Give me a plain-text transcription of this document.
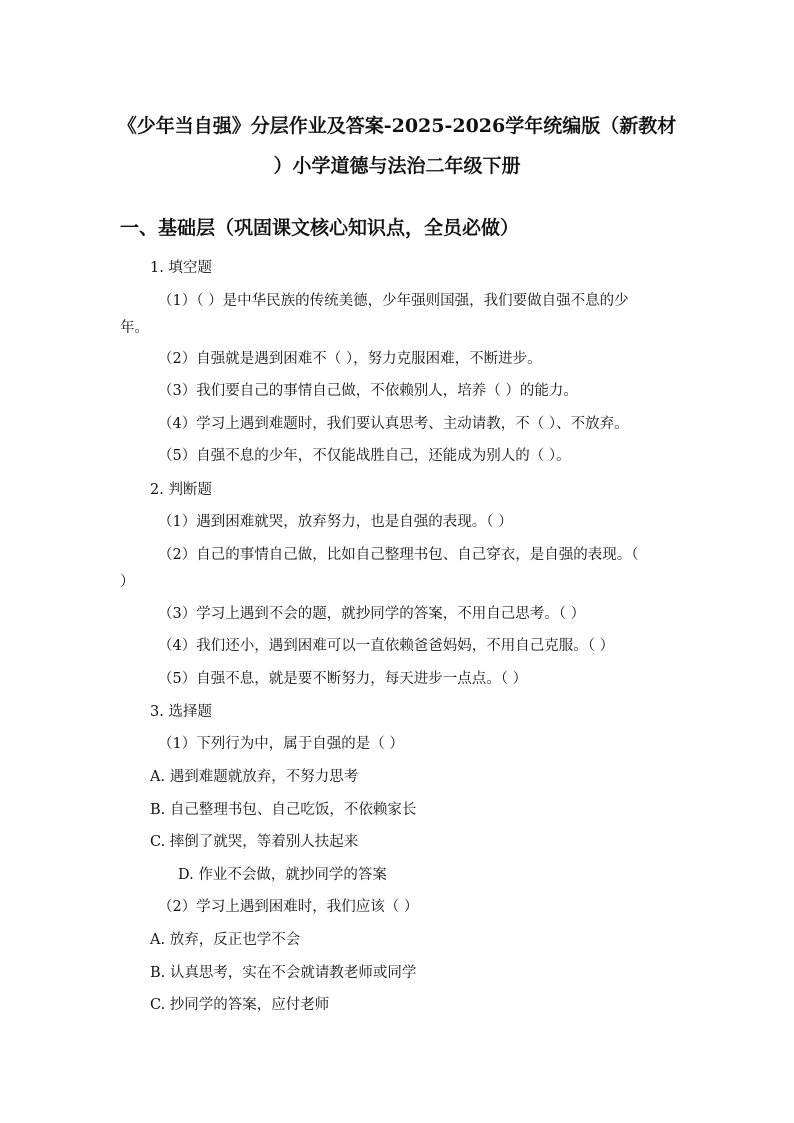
《少年当自强》分层作业及答案-2025-2026学年统编版（新教材
）小学道德与法治二年级下册
一、基础层（巩固课文核心知识点，全员必做）
1. 填空题
（1）（ ）是中华民族的传统美德，少年强则国强，我们要做自强不息的少
年。
（2）自强就是遇到困难不（ ），努力克服困难，不断进步。
（3）我们要自己的事情自己做，不依赖别人，培养（ ）的能力。
（4）学习上遇到难题时，我们要认真思考、主动请教，不（ ）、不放弃。
（5）自强不息的少年，不仅能战胜自己，还能成为别人的（ ）。
2. 判断题
（1）遇到困难就哭，放弃努力，也是自强的表现。（ ）
（2）自己的事情自己做，比如自己整理书包、自己穿衣，是自强的表现。（
）
（3）学习上遇到不会的题，就抄同学的答案，不用自己思考。（ ）
（4）我们还小，遇到困难可以一直依赖爸爸妈妈，不用自己克服。（ ）
（5）自强不息，就是要不断努力，每天进步一点点。（ ）
3. 选择题
（1）下列行为中，属于自强的是（ ）
A. 遇到难题就放弃，不努力思考
B. 自己整理书包、自己吃饭，不依赖家长
C. 摔倒了就哭，等着别人扶起来
D. 作业不会做，就抄同学的答案
（2）学习上遇到困难时，我们应该（ ）
A. 放弃，反正也学不会
B. 认真思考，实在不会就请教老师或同学
C. 抄同学的答案，应付老师
